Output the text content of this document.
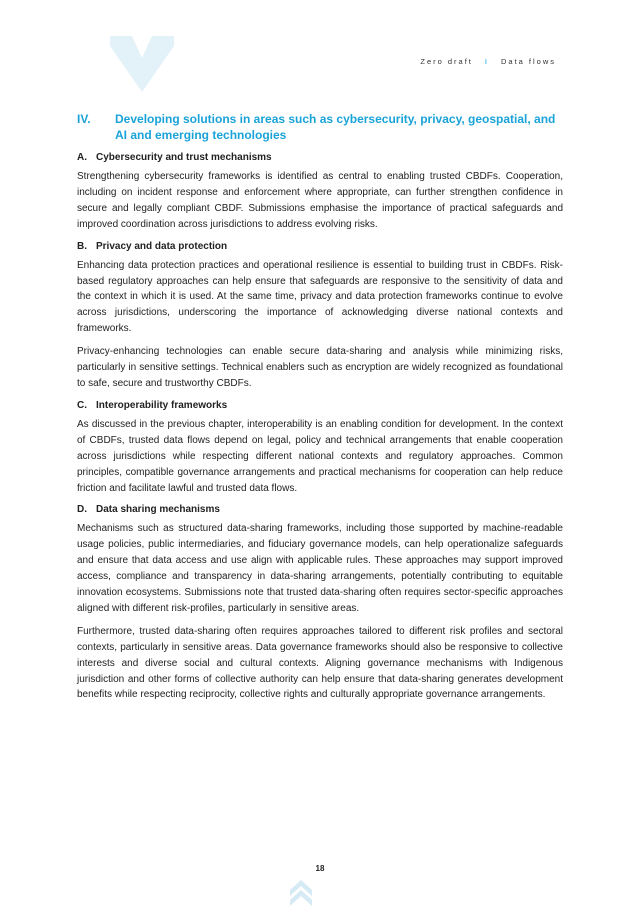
Zero draft I Data flows
IV.	Developing solutions in areas such as cybersecurity, privacy, geospatial, and AI and emerging technologies
A. Cybersecurity and trust mechanisms

Strengthening cybersecurity frameworks is identified as central to enabling trusted CBDFs. Cooperation, including on incident response and enforcement where appropriate, can further strengthen confidence in secure and legally compliant CBDF. Submissions emphasise the importance of practical safeguards and improved coordination across jurisdictions to address evolving risks.

B. Privacy and data protection

Enhancing data protection practices and operational resilience is essential to building trust in CBDFs. Risk-based regulatory approaches can help ensure that safeguards are responsive to the sensitivity of data and the context in which it is used. At the same time, privacy and data protection frameworks continue to evolve across jurisdictions, underscoring the importance of acknowledging diverse national contexts and frameworks.

Privacy-enhancing technologies can enable secure data-sharing and analysis while minimizing risks, particularly in sensitive settings. Technical enablers such as encryption are widely recognized as foundational to safe, secure and trustworthy CBDFs.

C. Interoperability frameworks

As discussed in the previous chapter, interoperability is an enabling condition for development. In the context of CBDFs, trusted data flows depend on legal, policy and technical arrangements that enable cooperation across jurisdictions while respecting different national contexts and regulatory approaches. Common principles, compatible governance arrangements and practical mechanisms for cooperation can help reduce friction and facilitate lawful and trusted data flows.

D. Data sharing mechanisms

Mechanisms such as structured data-sharing frameworks, including those supported by machine-readable usage policies, public intermediaries, and fiduciary governance models, can help operationalize safeguards and ensure that data access and use align with applicable rules. These approaches may support improved access, compliance and transparency in data-sharing arrangements, potentially contributing to equitable innovation ecosystems. Submissions note that trusted data-sharing often requires sector-specific approaches aligned with different risk-profiles, particularly in sensitive areas.

Furthermore, trusted data-sharing often requires approaches tailored to different risk profiles and sectoral contexts, particularly in sensitive areas. Data governance frameworks should also be responsive to collective interests and diverse social and cultural contexts. Aligning governance mechanisms with Indigenous jurisdiction and other forms of collective authority can help ensure that data-sharing generates development benefits while respecting reciprocity, collective rights and culturally appropriate governance arrangements.

18
